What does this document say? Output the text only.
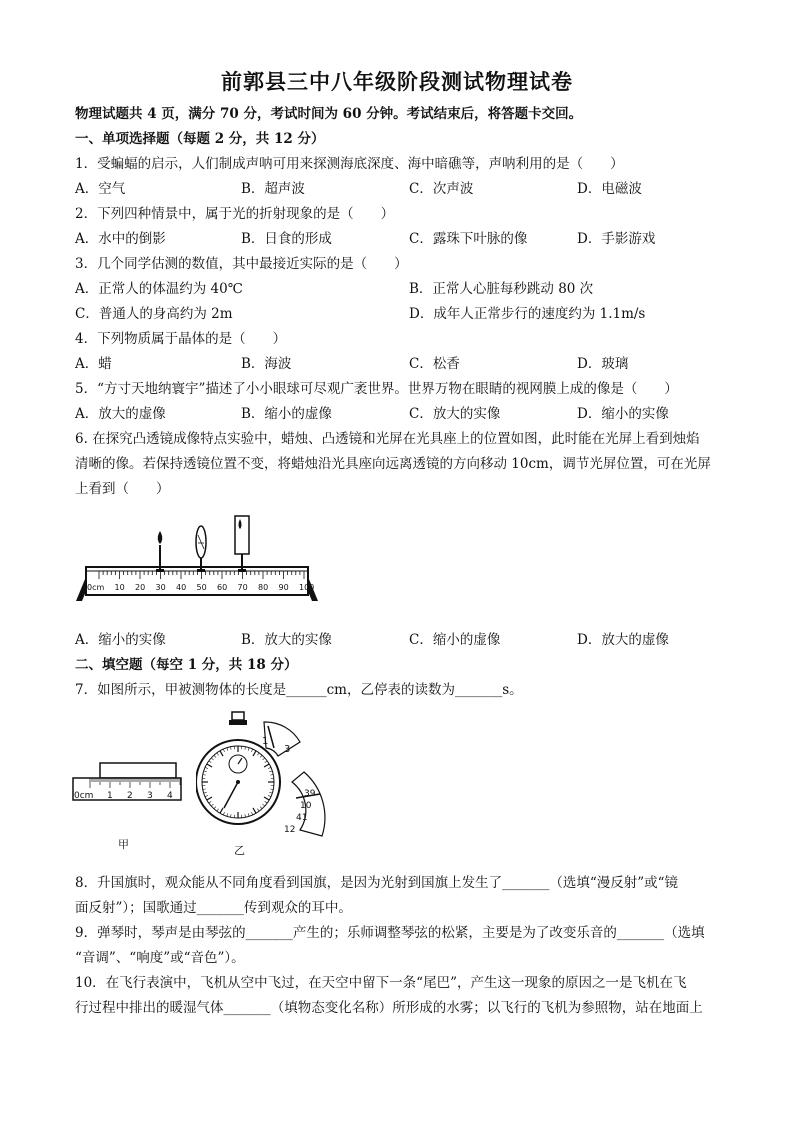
前郭县三中八年级阶段测试物理试卷
物理试题共 4 页，满分 70 分，考试时间为 60 分钟。考试结束后，将答题卡交回。
一、单项选择题（每题 2 分，共 12 分）
1．受蝙蝠的启示，人们制成声呐可用来探测海底深度、海中暗礁等，声呐利用的是（　　）
A．空气	B．超声波	C．次声波	D．电磁波
2．下列四种情景中，属于光的折射现象的是（　　）
A．水中的倒影	B．日食的形成	C．露珠下叶脉的像	D．手影游戏
3．几个同学估测的数值，其中最接近实际的是（　　）
A．正常人的体温约为 40℃	B．正常人心脏每秒跳动 80 次
C．普通人的身高约为 2m	D．成年人正常步行的速度约为 1.1m/s
4．下列物质属于晶体的是（　　）
A．蜡	B．海波	C．松香	D．玻璃
5．“方寸天地纳寰宇”描述了小小眼球可尽观广袤世界。世界万物在眼睛的视网膜上成的像是（　　）
A．放大的虚像	B．缩小的虚像	C．放大的实像	D．缩小的实像
6. 在探究凸透镜成像特点实验中，蜡烛、凸透镜和光屏在光具座上的位置如图，此时能在光屏上看到烛焰
清晰的像。若保持透镜位置不变，将蜡烛沿光具座向远离透镜的方向移动 10cm，调节光屏位置，可在光屏
上看到（　　）
0cm 10 20 30 40 50 60 70 80 90 100
A．缩小的实像	B．放大的实像	C．缩小的虚像	D．放大的虚像
二、填空题（每空 1 分，共 18 分）
7．如图所示，甲被测物体的长度是______cm，乙停表的读数为_______s。
0cm 1 2 3 4
甲
1
3
39
10
41
12
乙
8．升国旗时，观众能从不同角度看到国旗，是因为光射到国旗上发生了_______（选填“漫反射”或“镜
面反射”）；国歌通过_______传到观众的耳中。
9．弹琴时，琴声是由琴弦的_______产生的；乐师调整琴弦的松紧，主要是为了改变乐音的_______（选填
“音调”、“响度”或“音色”）。
10．在飞行表演中，飞机从空中飞过，在天空中留下一条“尾巴”，产生这一现象的原因之一是飞机在飞
行过程中排出的暖湿气体_______（填物态变化名称）所形成的水雾；以飞行的飞机为参照物，站在地面上
